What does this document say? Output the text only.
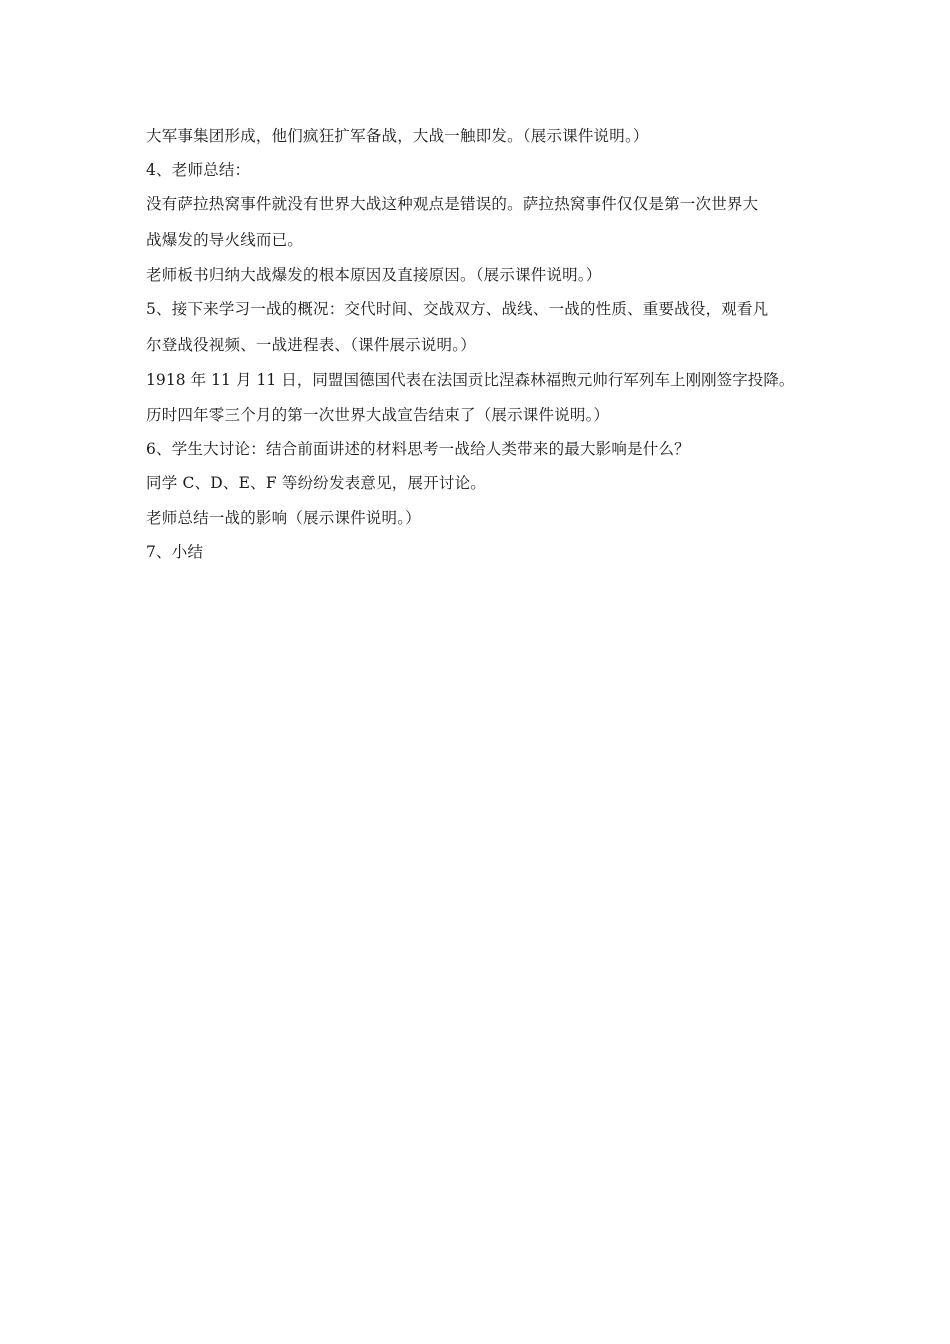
大军事集团形成，他们疯狂扩军备战，大战一触即发。（展示课件说明。）
4、老师总结：
没有萨拉热窝事件就没有世界大战这种观点是错误的。萨拉热窝事件仅仅是第一次世界大
战爆发的导火线而已。
老师板书归纳大战爆发的根本原因及直接原因。（展示课件说明。）
5、接下来学习一战的概况：交代时间、交战双方、战线、一战的性质、重要战役，观看凡
尔登战役视频、一战进程表、（课件展示说明。）
1918 年 11 月 11 日，同盟国德国代表在法国贡比涅森林福煦元帅行军列车上刚刚签字投降。
历时四年零三个月的第一次世界大战宣告结束了（展示课件说明。）
6、学生大讨论：结合前面讲述的材料思考一战给人类带来的最大影响是什么？
同学 C、D、E、F 等纷纷发表意见，展开讨论。
老师总结一战的影响（展示课件说明。）
7、小结
